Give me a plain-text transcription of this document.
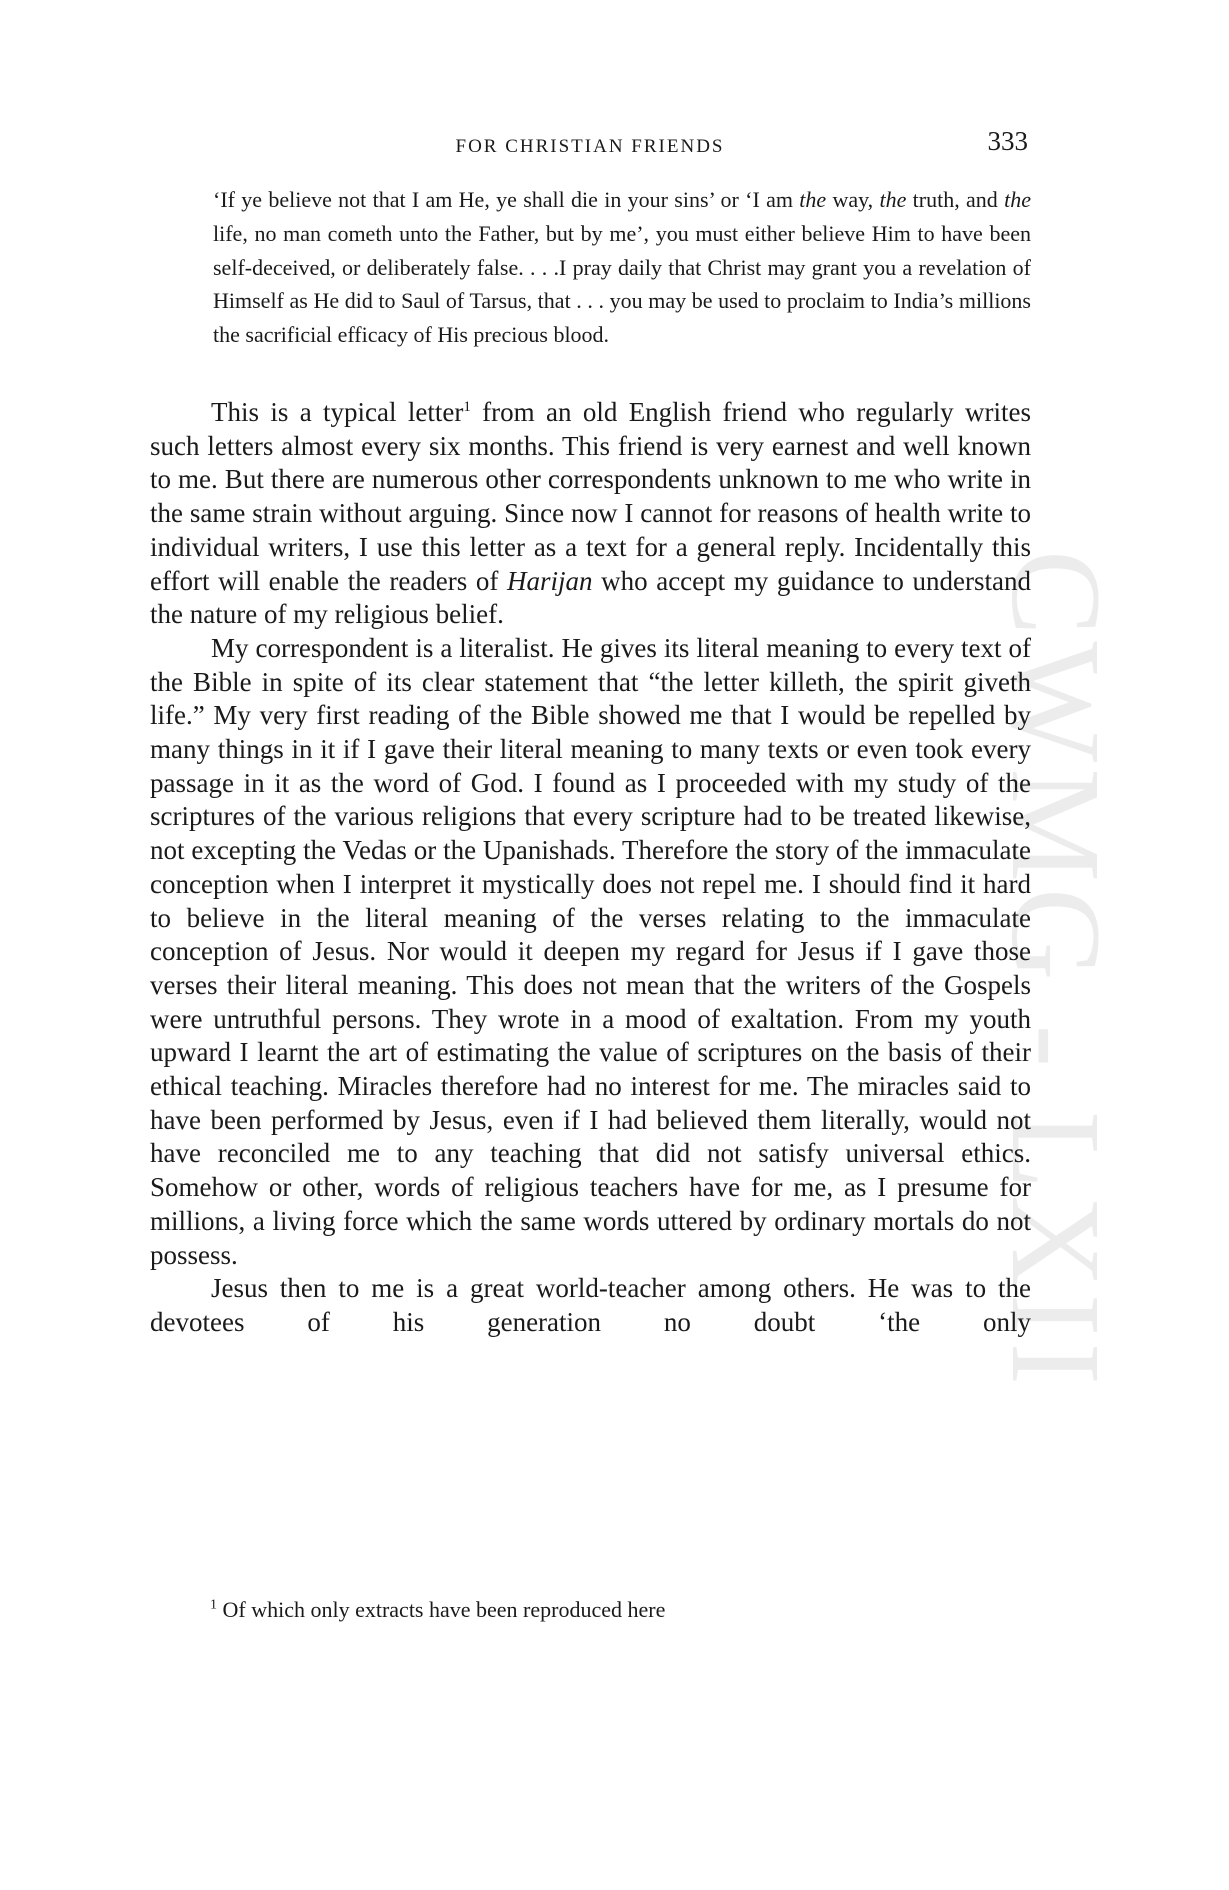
CWMG - LXII
FOR CHRISTIAN FRIENDS	333
‘If ye believe not that I am He, ye shall die in your sins’ or ‘I am the way, the truth, and the life, no man cometh unto the Father, but by me’, you must either believe Him to have been self-deceived, or deliberately false. . . .I pray daily that Christ may grant you a revelation of Himself as He did to Saul of Tarsus, that . . . you may be used to proclaim to India’s millions the sacrificial efficacy of His precious blood.

This is a typical letter$^1$ from an old English friend who regularly writes such letters almost every six months. This friend is very earnest and well known to me. But there are numerous other correspondents unknown to me who write in the same strain without arguing. Since now I cannot for reasons of health write to individual writers, I use this letter as a text for a general reply. Incidentally this effort will enable the readers of Harijan who accept my guidance to understand the nature of my religious belief.

My correspondent is a literalist. He gives its literal meaning to every text of the Bible in spite of its clear statement that “the letter killeth, the spirit giveth life.” My very first reading of the Bible showed me that I would be repelled by many things in it if I gave their literal meaning to many texts or even took every passage in it as the word of God. I found as I proceeded with my study of the scriptures of the various religions that every scripture had to be treated likewise, not excepting the Vedas or the Upanishads. Therefore the story of the immaculate conception when I interpret it mystically does not repel me. I should find it hard to believe in the literal meaning of the verses relating to the immaculate conception of Jesus. Nor would it deepen my regard for Jesus if I gave those verses their literal meaning. This does not mean that the writers of the Gospels were untruthful persons. They wrote in a mood of exaltation. From my youth upward I learnt the art of estimating the value of scriptures on the basis of their ethical teaching. Miracles therefore had no interest for me. The miracles said to have been performed by Jesus, even if I had believed them literally, would not have reconciled me to any teaching that did not satisfy universal ethics. Somehow or other, words of religious teachers have for me, as I presume for millions, a living force which the same words uttered by ordinary mortals do not possess.

Jesus then to me is a great world-teacher among others. He was to the devotees of his generation no doubt ‘the only

$^1$ Of which only extracts have been reproduced here
